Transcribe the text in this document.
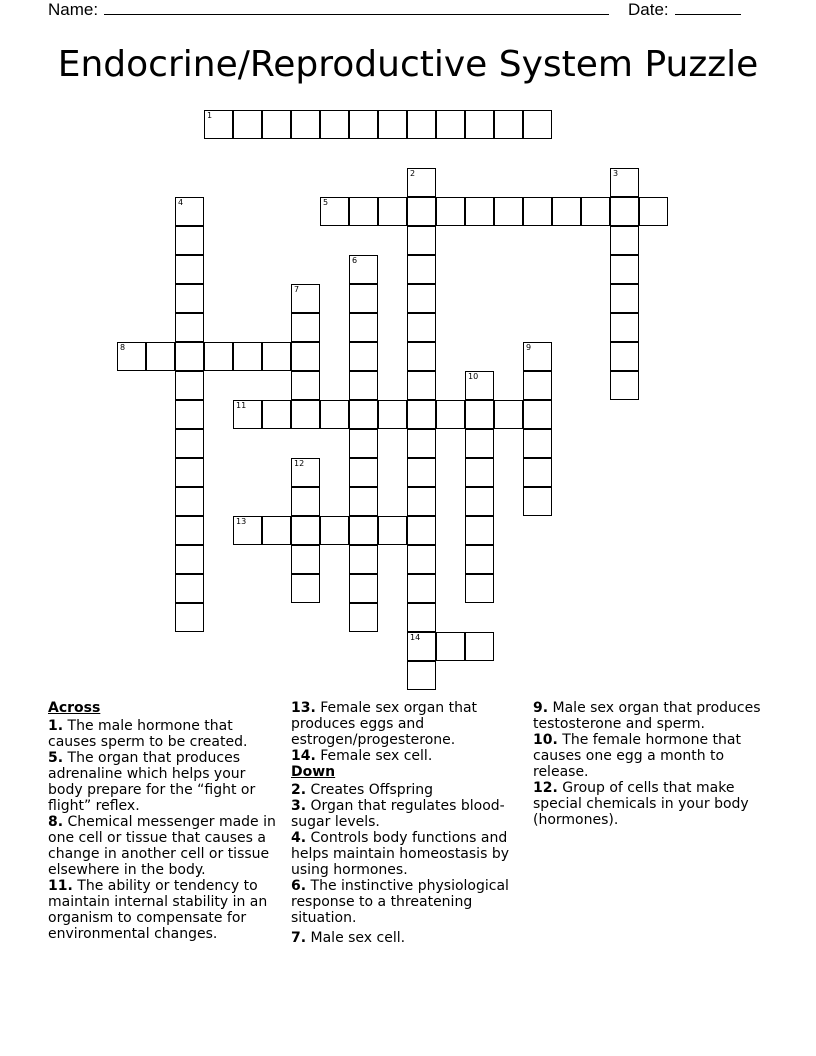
Name:	Date:
Endocrine/Reproductive System Puzzle
1
2
14
3
4	5
6
7
8	9
10
11
12
13
Across
1. The male hormone that causes sperm to be created.
5. The organ that produces adrenaline which helps your body prepare for the “fight or flight” reflex.
8. Chemical messenger made in one cell or tissue that causes a change in another cell or tissue elsewhere in the body.
11. The ability or tendency to maintain internal stability in an organism to compensate for environmental changes.
13. Female sex organ that produces eggs and estrogen/progesterone.
14. Female sex cell.
Down
2. Creates Offspring
3. Organ that regulates blood-sugar levels.
4. Controls body functions and helps maintain homeostasis by using hormones.
6. The instinctive physiological response to a threatening situation.
7. Male sex cell.
9. Male sex organ that produces testosterone and sperm.
10. The female hormone that causes one egg a month to release.
12. Group of cells that make special chemicals in your body (hormones).
